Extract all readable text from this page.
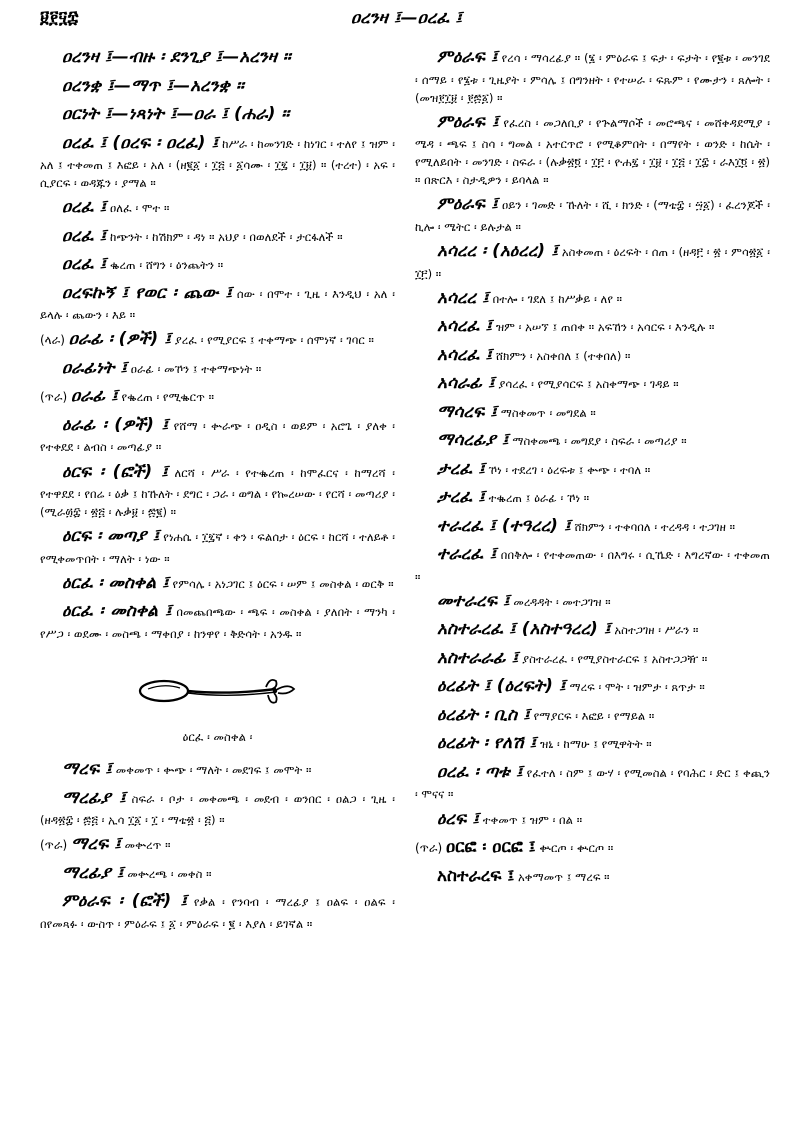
፱፻፶፰	ዐረንዛ ፤—ዐረፈ ፤

ዐረንዛ ፤—ብዙ ፡ ደንጊያ ፤—አረንዛ ።

ዐረንቋ ፤—ማጥ ፤—አረንቋ ።

ዐርነት ፤—ነጻነት ፤—ዐራ ፤ (ሐራ) ።

ዐረፈ ፤ (ዐረፍ ፡ ዐረፈ) ፤ ከሥራ ፡ ከመንገድ ፡ ከነገር ፡ ተለየ ፤ ዝም ፡ አለ ፤ ተቀመጠ ፤ እፎይ ፡ አለ ፡ (ዘ፪፩ ፡ ፲፭ ፡ ፩ሳሙ ፡ ፲፯ ፡ ፲፱) ። (ተረተ) ፡ አፍ ፡ ሲያርፍ ፡ ወዳጁን ፡ ያማል ።

ዐረፈ ፤ ዐለፈ ፡ ሞተ ።

ዐረፈ ፤ ከጭንት ፡ ከሽክም ፡ ዳነ ። አህያ ፡ በወለደች ፡ ታርፋለች ።

ዐረፈ ፤ ቈረጠ ፡ ሸግን ፡ ዕንጨትን ።

ዐረፍኩኝ ፤ የወር ፡ ጨው ፤ ሰው ፡ በሞተ ፡ ጊዜ ፡ እንዲህ ፡ አለ ፡ ይላሉ ፡ ጨውን ፡ እይ ።

(ላራ) ዐራፊ ፡ (ዎች) ፤ ያረፈ ፡ የሚያርፍ ፤ ተቀማጭ ፡ ሰሞነኛ ፡ ገባር ።

ዐራፊነት ፤ ዐራፊ ፡ መኾን ፤ ተቀማጭነት ።

(ጥራ) ዐራፊ ፤ የቈረጠ ፡ የሚቈርጥ ።

ዕራፊ ፡ (ዎች) ፤ የሸማ ፡ ቍራጭ ፡ ዐዲስ ፡ ወይም ፡ አሮጌ ፡ ያለቀ ፡ የተቀደደ ፡ ልብስ ፡ መጣፊያ ።

ዕርፍ ፡ (ፎች) ፤ ለርሻ ፡ ሥራ ፡ የተቈረጠ ፡ ከሞፈርና ፡ ከማረሻ ፡ የተዋደደ ፡ የበሬ ፡ ዕቃ ፤ ከኹለት ፡ ደግር ፡ ጋራ ፡ ወግል ፡ የኰረሠው ፡ የርሻ ፡ መጣሪያ ፡ (ሚራ፴፰ ፡ ፳፭ ፡ ሉቃ፱ ፡ ፷፪) ።

ዕርፍ ፡ መጣያ ፤ የነሐሴ ፡ ፲፯ኛ ፡ ቀን ፡ ፍልሰታ ፡ ዕርፍ ፡ ከርሻ ፡ ተለይቶ ፡ የሚቀመጥበት ፡ ማለት ፡ ነው ።

ዕርፈ ፡ መስቀል ፤ የምሳሌ ፡ አነጋገር ፤ ዕርፍ ፡ ሠም ፤ መስቀል ፡ ወርቅ ።

ዕርፈ ፡ መስቀል ፤ በመጨበጫው ፡ ጫፍ ፡ መስቀል ፡ ያለበት ፡ ማንካ ፡ የሥጋ ፡ ወደሙ ፡ መስጫ ፡ ማቀበያ ፡ ከንዋየ ፡ ቅድሳት ፡ አንዱ ።

ዕርፈ ፡ መስቀል ፡

ማረፍ ፤ መቀመጥ ፡ ቍጭ ፡ ማለት ፡ መደገፍ ፤ መሞት ።

ማረፊያ ፤ ስፍራ ፡ ቦታ ፡ መቀመጫ ፡ መደብ ፡ ወንበር ፡ ዐልጋ ፡ ጊዜ ፡ (ዘዳ፳፰ ፡ ፷፭ ፡ ኢሳ ፲፩ ፡ ፲ ፡ ማቴ፳ ፡ ፭) ።

(ጥራ) ማረፍ ፤ መቍረጥ ።

ማረፊያ ፤ መቍረጫ ፡ መቀስ ።

ምዕራፍ ፡ (ፎች) ፤ የቃል ፡ የንባብ ፡ ማረፊያ ፤ ዐልፍ ፡ ዐልፍ ፡ በየመጻፉ ፡ ውስጥ ፡ ምዕራፍ ፤ ፩ ፡ ምዕራፍ ፡ ፪ ፡ እያለ ፡ ይገኛል ።

ምዕራፍ ፤ የረሳ ፡ ማሳረፊያ ። (፮ ፡ ምዕራፍ ፤ ፍታ ፡ ፍታት ፡ የ፪ቱ ፡ መንገደ ፡ ሰማይ ፡ የ፮ቱ ፡ ጊዜያት ፡ ምሳሌ ፤ በግንዘት ፡ የተሠራ ፡ ፍጹም ፡ የሙታን ፡ ጸሎት ፡ (መዝ፻፲፱ ፡ ፻፷፩) ።

ምዕራፍ ፤ የፈረስ ፡ መጋለቢያ ፡ የጕልማሶች ፡ መሮጫና ፡ መሸቀዳደሚያ ፡ ሜዳ ፡ ጫፍ ፤ ስሳ ፡ ግመል ፡ አተርጥሮ ፡ የሚቆምበት ፡ በማየት ፡ ወንድ ፡ ከሴት ፡ የሚለይበት ፡ መንገድ ፡ ስፍራ ፡ (ሉቃ፳፬ ፡ ፲፫ ፡ ዮሐ፯ ፡ ፲፱ ፡ ፲፭ ፡ ፲፰ ፡ ራእ፲፬ ፡ ፳) ። በጽርእ ፡ ስታዲዎን ፡ ይባላል ።

ምዕራፍ ፤ ዐይን ፡ ገመድ ፡ ኹለት ፡ ሺ ፡ ክንድ ፡ (ማቴ፰ ፡ ፵፩) ፡ ፈረንጆች ፡ ኪሎ ፡ ሜትር ፡ ይሉታል ።

አሳረረ ፡ (አዕረረ) ፤ አስቀመጠ ፡ ዕረፍት ፡ ሰጠ ፡ (ዘዳ፫ ፡ ፳ ፡ ምሳ፳፩ ፡ ፲፫) ።

አሳረረ ፤ በተሎ ፡ ገደለ ፤ ከሥቃይ ፡ ለየ ።

አሳረፈ ፤ ዝም ፡ አሠኘ ፤ ጠበቀ ። አፍኸን ፡ አሳርፍ ፡ እንዲሉ ።

አሳረፈ ፤ ሸክምን ፡ አስቀበለ ፤ (ተቀበለ) ።

አሳራፊ ፤ ያሳረፈ ፡ የሚያሳርፍ ፤ አስቀማጭ ፡ ገዳይ ።

ማሳረፍ ፤ ማስቀመጥ ፡ መግደል ።

ማሳረፊያ ፤ ማስቀመጫ ፡ መግደያ ፡ ስፍራ ፡ መጣሪያ ።

ታረፈ ፤ ኾነ ፡ ተደረገ ፡ ዕረፍቱ ፤ ቍጭ ፡ ተባለ ።

ታረፈ ፤ ተቈረጠ ፤ ዕራፊ ፡ ኾነ ።

ተራረፈ ፤ (ተዓረረ) ፤ ሸክምን ፡ ተቀባበለ ፡ ተረዳዳ ፡ ተጋገዘ ።

ተራረፈ ፤ በበቅሎ ፡ የተቀመጠው ፡ በእግሩ ፡ ሲኼድ ፡ እግረኛው ፡ ተቀመጠ ።

መተራረፍ ፤ መረዳዳት ፡ መተጋገዝ ።

አስተራረፈ ፤ (አስተዓረረ) ፤ አስተጋገዘ ፡ ሥራን ።

አስተራራፊ ፤ ያስተራረፈ ፡ የሚያስተራርፍ ፤ አስተጋጋዥ ።

ዕረፊት ፤ (ዕረፍት) ፤ ማረፍ ፡ ሞት ፡ ዝምታ ፡ ጸጥታ ።

ዕረፊት ፡ ቢስ ፤ የማያርፍ ፡ እፎይ ፡ የማይል ።

ዕረፊት ፡ የለሽ ፤ ዝኒ ፡ ከማሁ ፤ የሚዋትት ።

ዐረፈ ፡ ጣቱ ፤ የፈተለ ፡ ስም ፤ ውሃ ፡ የሚመስል ፡ የባሕር ፡ ድር ፤ ቀጪን ፡ ሞናና ።

ዕረፍ ፤ ተቀመጥ ፤ ዝም ፡ በል ።

(ጥራ) ዐርፎ ፡ ዐርፎ ፤ ቊርጦ ፡ ቊርጦ ።

አስተራረፍ ፤ አቀማመጥ ፤ ማረፍ ።
